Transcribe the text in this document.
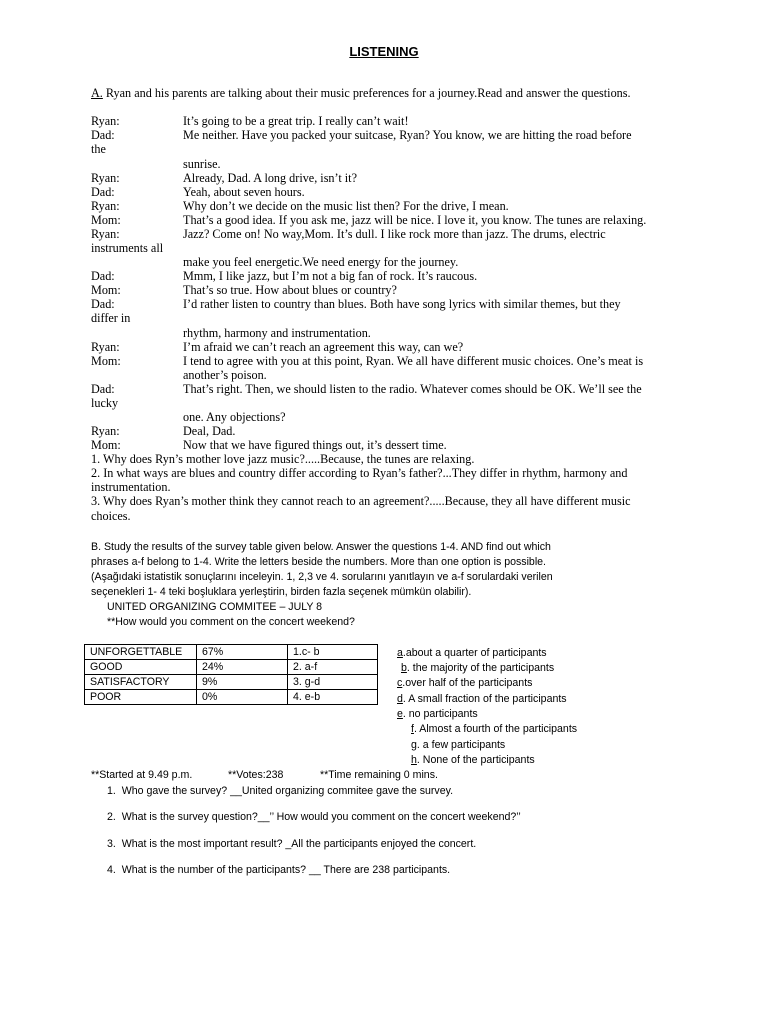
LISTENING
A. Ryan and his parents are talking about their music preferences for a journey.Read and answer the questions.
Ryan:	It’s going to be a great trip. I really can’t wait!
Dad:	Me neither. Have you packed your suitcase, Ryan? You know, we are hitting the road before
the
sunrise.
Ryan:	Already, Dad. A long drive, isn’t it?
Dad:	Yeah, about seven hours.
Ryan:	Why don’t we decide on the music list then? For the drive, I mean.
Mom:	That’s a good idea. If you ask me, jazz will be nice. I love it, you know. The tunes are relaxing.
Ryan:	Jazz? Come on! No way,Mom. It’s dull. I like rock more than jazz. The drums, electric
instruments all
make you feel energetic.We need energy for the journey.
Dad:	Mmm, I like jazz, but I’m not a big fan of rock. It’s raucous.
Mom:	That’s so true. How about blues or country?
Dad:	I’d rather listen to country than blues. Both have song lyrics with similar themes, but they
differ in
rhythm, harmony and instrumentation.
Ryan:	I’m afraid we can’t reach an agreement this way, can we?
Mom:	I tend to agree with you at this point, Ryan. We all have different music choices. One’s meat is
another’s poison.
Dad:	That’s right. Then, we should listen to the radio. Whatever comes should be OK. We’ll see the
lucky
one. Any objections?
Ryan:	Deal, Dad.
Mom:	Now that we have figured things out, it’s dessert time.
1. Why does Ryn’s mother love jazz music?.....Because, the tunes are relaxing.
2. In what ways are blues and country differ according to Ryan’s father?...They differ in rhythm, harmony and
instrumentation.
3. Why does Ryan’s mother think they cannot reach to an agreement?.....Because, they all have different music
choices.
B. Study the results of the survey table given below. Answer the questions 1-4. AND find out which
phrases a-f belong to 1-4. Write the letters beside the numbers. More than one option is possible.
(Aşağıdaki istatistik sonuçlarını inceleyin. 1, 2,3 ve 4. sorularını yanıtlayın ve a-f sorulardaki verilen
seçenekleri 1- 4 teki boşluklara yerleştirin, birden fazla seçenek mümkün olabilir).
UNITED ORGANIZING COMMITEE – JULY 8
**How would you comment on the concert weekend?
UNFORGETTABLE	67%	1.c- b
GOOD	24%	2. a-f
SATISFACTORY	9%	3. g-d
POOR	0%	4. e-b
a.about a quarter of participants
b. the majority of the participants
c.over half of the participants
d. A small fraction of the participants
e. no participants
f. Almost a fourth of the participants
g. a few participants
h. None of the participants
**Started at 9.49 p.m.	**Votes:238	**Time remaining 0 mins.
1.  Who gave the survey? __United organizing commitee gave the survey.
2.  What is the survey question?__’’ How would you comment on the concert weekend?’’
3.  What is the most important result? _All the participants enjoyed the concert.
4.  What is the number of the participants? __ There are 238 participants.
